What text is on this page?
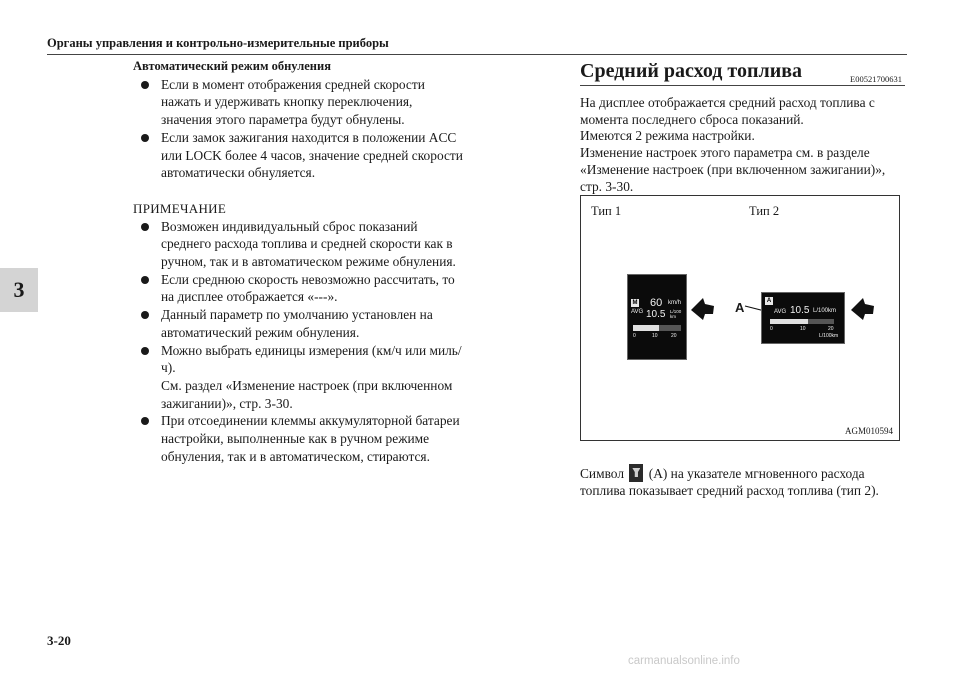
Органы управления и контрольно-измерительные приборы
3
Автоматический режим обнуления
Если в момент отображения средней скорости нажать и удерживать кнопку переключения, значения этого параметра будут обнулены.
Если замок зажигания находится в положении ACC или LOCK более 4 часов, значение средней скорости автоматически обнуляется.
ПРИМЕЧАНИЕ
Возможен индивидуальный сброс показаний среднего расхода топлива и средней скорости как в ручном, так и в автоматическом режиме обнуления.
Если среднюю скорость невозможно рассчитать, то на дисплее отображается «---».
Данный параметр по умолчанию установлен на автоматический режим обнуления.
Можно выбрать единицы измерения (км/ч или миль/ч).
См. раздел «Изменение настроек (при включенном зажигании)», стр. 3-30.
При отсоединении клеммы аккумуляторной батареи настройки, выполненные как в ручном режиме обнуления, так и в автоматическом, стираются.
Средний расход топлива	E00521700631
На дисплее отображается средний расход топлива с момента последнего сброса показаний.
Имеются 2 режима настройки.
Изменение настроек этого параметра см. в разделе «Изменение настроек (при включенном зажигании)», стр. 3-30.
Тип 1	Тип 2
M
AVG
60 km/h
10.5 L/100
km
0	10	20
A	A
AVG 10.5 L/100km
0	10	20
L/100km
AGM010594
Символ (A) на указателе мгновенного расхода топлива показывает средний расход топлива (тип 2).
3-20
carmanualsonline.info
